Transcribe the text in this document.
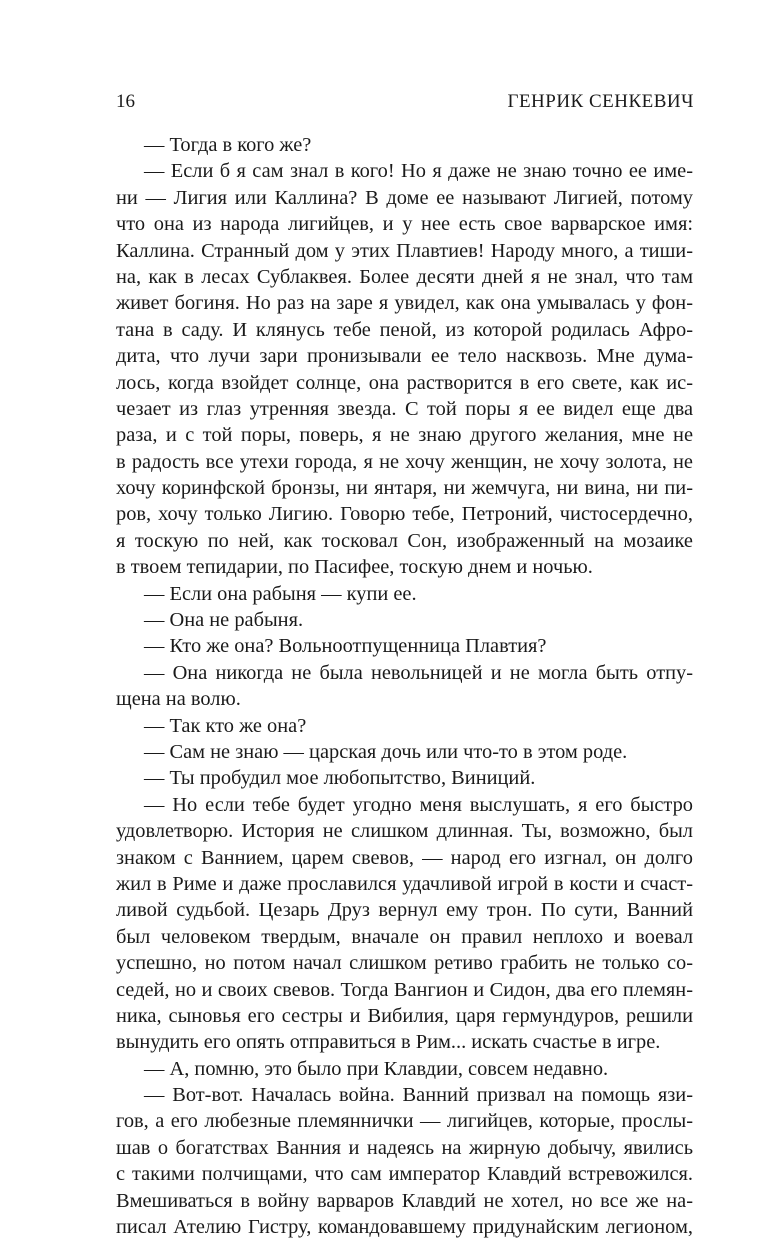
16	ГЕНРИК СЕНКЕВИЧ
— Тогда в кого же?
— Если б я сам знал в кого! Но я даже не знаю точно ее име-
ни — Лигия или Каллина? В доме ее называют Лигией, потому
что она из народа лигийцев, и у нее есть свое варварское имя:
Каллина. Странный дом у этих Плавтиев! Народу много, а тиши-
на, как в лесах Сублаквея. Более десяти дней я не знал, что там
живет богиня. Но раз на заре я увидел, как она умывалась у фон-
тана в саду. И клянусь тебе пеной, из которой родилась Афро-
дита, что лучи зари пронизывали ее тело насквозь. Мне дума-
лось, когда взойдет солнце, она растворится в его свете, как ис-
чезает из глаз утренняя звезда. С той поры я ее видел еще два
раза, и с той поры, поверь, я не знаю другого желания, мне не
в радость все утехи города, я не хочу женщин, не хочу золота, не
хочу коринфской бронзы, ни янтаря, ни жемчуга, ни вина, ни пи-
ров, хочу только Лигию. Говорю тебе, Петроний, чистосердечно,
я тоскую по ней, как тосковал Сон, изображенный на мозаике
в твоем тепидарии, по Пасифее, тоскую днем и ночью.
— Если она рабыня — купи ее.
— Она не рабыня.
— Кто же она? Вольноотпущенница Плавтия?
— Она никогда не была невольницей и не могла быть отпу-
щена на волю.
— Так кто же она?
— Сам не знаю — царская дочь или что-то в этом роде.
— Ты пробудил мое любопытство, Виниций.
— Но если тебе будет угодно меня выслушать, я его быстро
удовлетворю. История не слишком длинная. Ты, возможно, был
знаком с Ваннием, царем свевов, — народ его изгнал, он долго
жил в Риме и даже прославился удачливой игрой в кости и счаст-
ливой судьбой. Цезарь Друз вернул ему трон. По сути, Ванний
был человеком твердым, вначале он правил неплохо и воевал
успешно, но потом начал слишком ретиво грабить не только со-
седей, но и своих свевов. Тогда Вангион и Сидон, два его племян-
ника, сыновья его сестры и Вибилия, царя гермундуров, решили
вынудить его опять отправиться в Рим... искать счастье в игре.
— А, помню, это было при Клавдии, совсем недавно.
— Вот-вот. Началась война. Ванний призвал на помощь язи-
гов, а его любезные племяннички — лигийцев, которые, прослы-
шав о богатствах Ванния и надеясь на жирную добычу, явились
с такими полчищами, что сам император Клавдий встревожился.
Вмешиваться в войну варваров Клавдий не хотел, но все же на-
писал Ателию Гистру, командовавшему придунайским легионом,
